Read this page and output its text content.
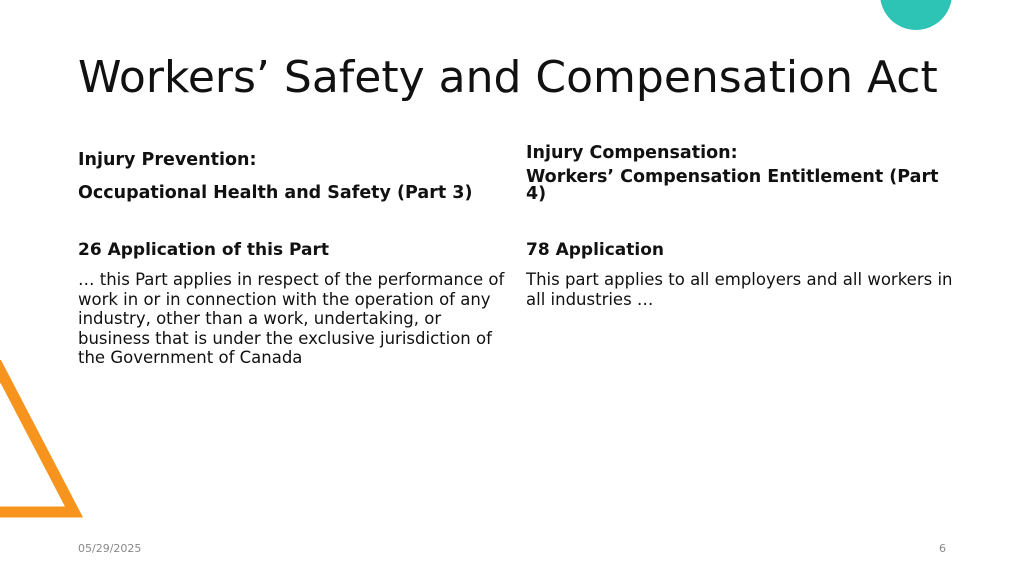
Workers’ Safety and Compensation Act
Injury Prevention:
Occupational Health and Safety (Part 3)
26 Application of this Part

… this Part applies in respect of the performance of work in or in connection with the operation of any industry, other than a work, undertaking, or business that is under the exclusive jurisdiction of the Government of Canada

Injury Compensation:
Workers’ Compensation Entitlement (Part 4)
78 Application

This part applies to all employers and all workers in all industries …

05/29/2025	6
